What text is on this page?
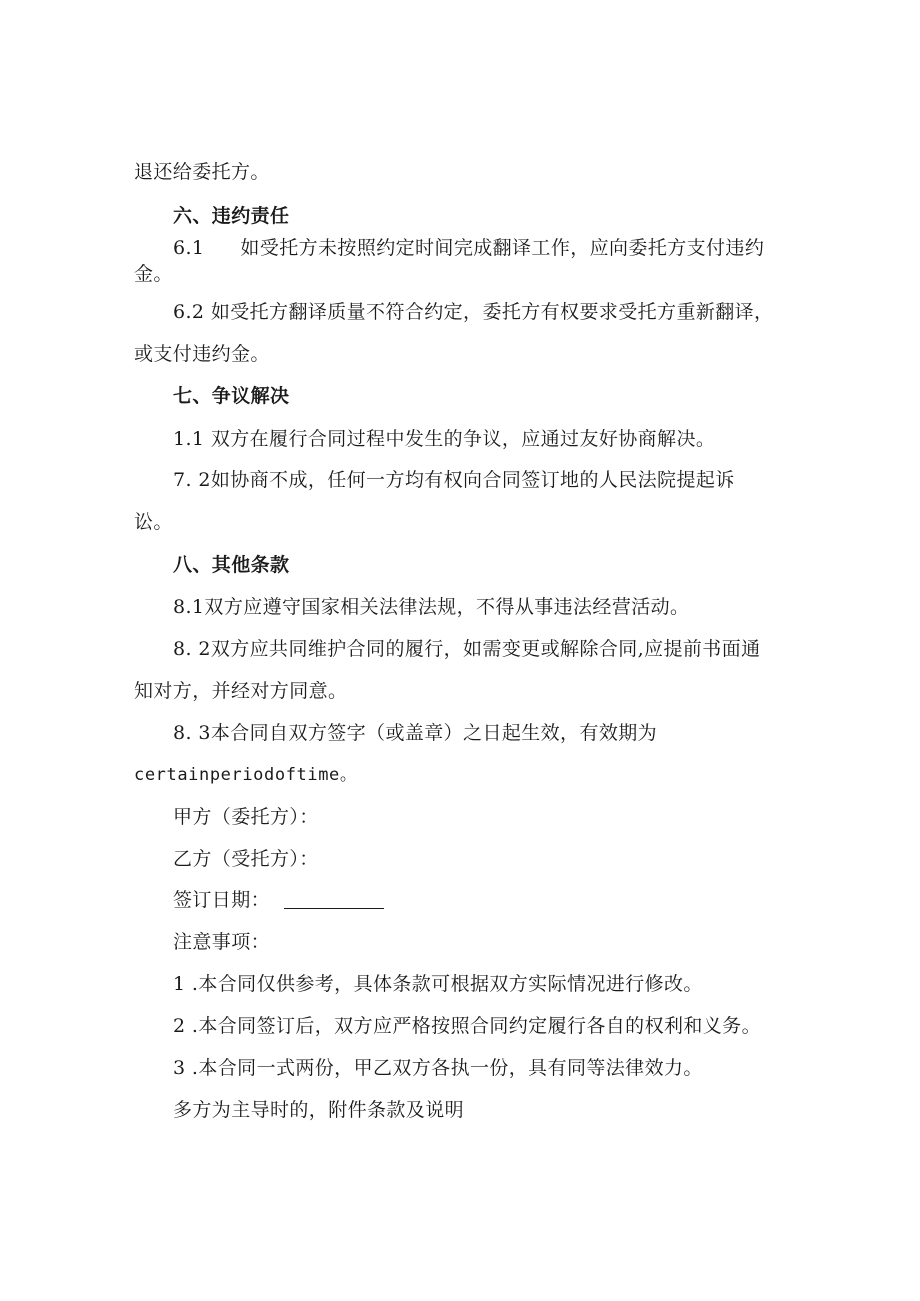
退还给委托方。
六、违约责任
6.1 如受托方未按照约定时间完成翻译工作，应向委托方支付违约
金。
6.2 如受托方翻译质量不符合约定，委托方有权要求受托方重新翻译，
或支付违约金。
七、争议解决
1.1 双方在履行合同过程中发生的争议，应通过友好协商解决。
7. 2如协商不成，任何一方均有权向合同签订地的人民法院提起诉
讼。
八、其他条款
8.1双方应遵守国家相关法律法规，不得从事违法经营活动。
8. 2双方应共同维护合同的履行，如需变更或解除合同,应提前书面通
知对方，并经对方同意。
8. 3本合同自双方签字（或盖章）之日起生效，有效期为
certainperiodoftime。
甲方（委托方）：
乙方（受托方）：
签订日期：
注意事项：
1 .本合同仅供参考，具体条款可根据双方实际情况进行修改。
2 .本合同签订后，双方应严格按照合同约定履行各自的权利和义务。
3 .本合同一式两份，甲乙双方各执一份，具有同等法律效力。
多方为主导时的，附件条款及说明
